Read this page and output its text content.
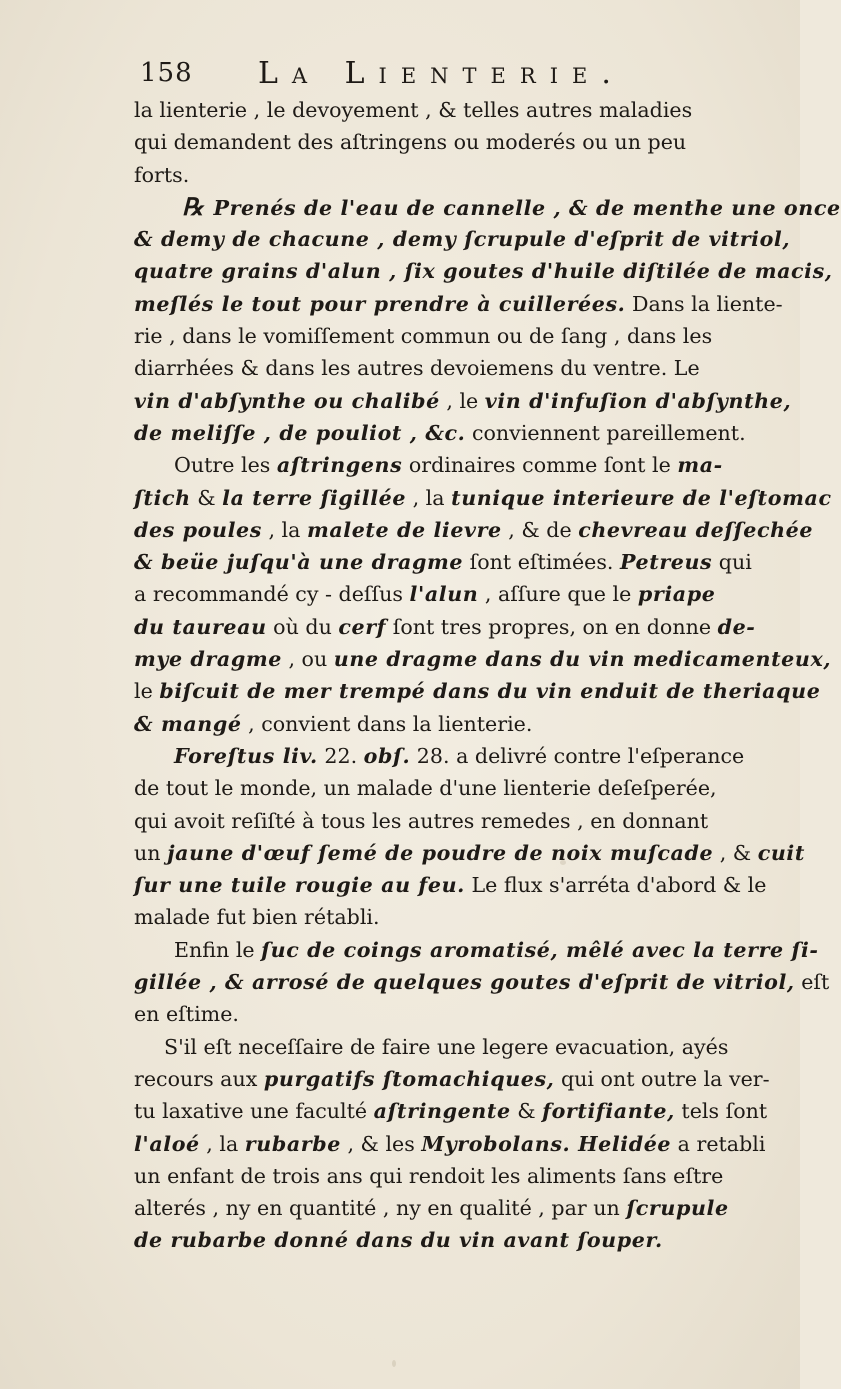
158 La Lienterie.
la lienterie , le devoyement , & telles autres maladies
qui demandent des aſtringens ou moderés ou un peu
forts.
℞ Prenés de l'eau de cannelle , & de menthe une once
& demy de chacune , demy ſcrupule d'eſprit de vitriol,
quatre grains d'alun , ſix goutes d'huile diſtilée de macis,
meſlés le tout pour prendre à cuillerées. Dans la liente-
rie , dans le vomiſſement commun ou de ſang , dans les
diarrhées & dans les autres devoiemens du ventre. Le
vin d'abſynthe ou chalibé , le vin d'infuſion d'abſynthe,
de meliſſe , de pouliot , &c. conviennent pareillement.
Outre les aſtringens ordinaires comme ſont le ma-
ſtich & la terre ſigillée , la tunique interieure de l'eſtomac
des poules , la malete de lievre , & de chevreau deſſechée
& beüe juſqu'à une dragme ſont eſtimées. Petreus qui
a recommandé cy - deſſus l'alun , aſſure que le priape
du taureau où du cerf ſont tres propres, on en donne de-
mye dragme , ou une dragme dans du vin medicamenteux,
le biſcuit de mer trempé dans du vin enduit de theriaque
& mangé , convient dans la lienterie.
Foreſtus liv. 22. obſ. 28. a delivré contre l'eſperance
de tout le monde, un malade d'une lienterie deſeſperée,
qui avoit reſiſté à tous les autres remedes , en donnant
un jaune d'œuf ſemé de poudre de noix muſcade , & cuit
ſur une tuile rougie au feu. Le flux s'arréta d'abord & le
malade fut bien rétabli.
Enfin le ſuc de coings aromatisé, mêlé avec la terre ſi-
gillée , & arrosé de quelques goutes d'eſprit de vitriol, eſt
en eſtime.
S'il eſt neceſſaire de faire une legere evacuation, ayés
recours aux purgatifs ſtomachiques, qui ont outre la ver-
tu laxative une faculté aſtringente & fortifiante, tels ſont
l'aloé , la rubarbe , & les Myrobolans. Helidée a retabli
un enfant de trois ans qui rendoit les aliments ſans eſtre
alterés , ny en quantité , ny en qualité , par un ſcrupule
de rubarbe donné dans du vin avant ſouper.
